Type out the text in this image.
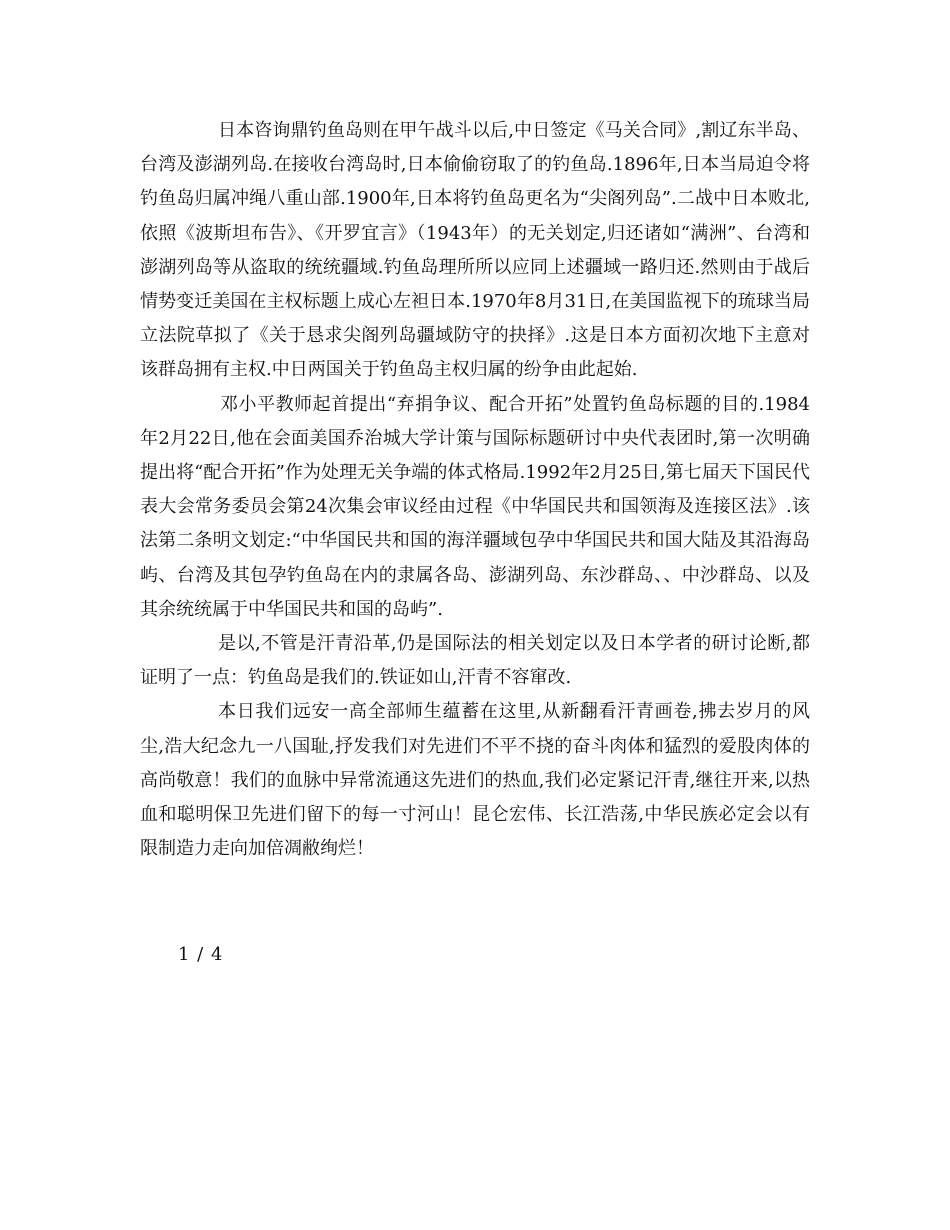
日本咨询鼎钓鱼岛则在甲午战斗以后,中日签定《马关合同》,割辽东半岛、台湾及澎湖列岛.在接收台湾岛时,日本偷偷窃取了的钓鱼岛.1896年,日本当局迫令将钓鱼岛归属冲绳八重山部.1900年,日本将钓鱼岛更名为“尖阁列岛”.二战中日本败北,依照《波斯坦布告》、《开罗宜言》（1943年）的无关划定,归还诸如“满洲”、台湾和澎湖列岛等从盗取的统统疆域.钓鱼岛理所所以应同上述疆域一路归还.然则由于战后情势变迁美国在主权标题上成心左袒日本.1970年8月31日,在美国监视下的琉球当局立法院草拟了《关于恳求尖阁列岛疆域防守的抉择》.这是日本方面初次地下主意对该群岛拥有主权.中日两国关于钓鱼岛主权归属的纷争由此起始.

邓小平教师起首提出“弃捐争议、配合开拓”处置钓鱼岛标题的目的.1984年2月22日,他在会面美国乔治城大学计策与国际标题研讨中央代表团时,第一次明确提出将“配合开拓”作为处理无关争端的体式格局.1992年2月25日,第七届天下国民代表大会常务委员会第24次集会审议经由过程《中华国民共和国领海及连接区法》.该法第二条明文划定:“中华国民共和国的海洋疆域包孕中华国民共和国大陆及其沿海岛屿、台湾及其包孕钓鱼岛在内的隶属各岛、澎湖列岛、东沙群岛、、中沙群岛、以及其余统统属于中华国民共和国的岛屿”.

是以,不管是汗青沿革,仍是国际法的相关划定以及日本学者的研讨论断,都证明了一点：钓鱼岛是我们的.铁证如山,汗青不容窜改.

本日我们远安一高全部师生蕴蓄在这里,从新翻看汗青画卷,拂去岁月的风尘,浩大纪念九一八国耻,抒发我们对先进们不平不挠的奋斗肉体和猛烈的爱股肉体的高尚敬意！我们的血脉中异常流通这先进们的热血,我们必定紧记汗青,继往开来,以热血和聪明保卫先进们留下的每一寸河山！昆仑宏伟、长江浩荡,中华民族必定会以有限制造力走向加倍凋敝绚烂！

1 / 4
